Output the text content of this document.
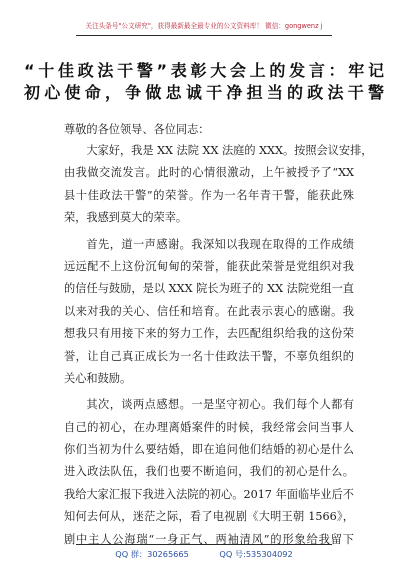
关注头条号"公文研究"，获得最新最全最专业的公文资料库！ 微信：gongwenz j
“十佳政法干警”表彰大会上的发言：牢记
初心使命，争做忠诚干净担当的政法干警
尊敬的各位领导、各位同志：

大家好，我是 XX 法院 XX 法庭的 XXX。按照会议安排，
由我做交流发言。此时的心情很激动，上午被授予了“XX
县十佳政法干警”的荣誉。作为一名年青干警，能获此殊
荣，我感到莫大的荣幸。

首先，道一声感谢。我深知以我现在取得的工作成绩
远远配不上这份沉甸甸的荣誉，能获此荣誉是党组织对我
的信任与鼓励，是以 XXX 院长为班子的 XX 法院党组一直
以来对我的关心、信任和培育。在此表示衷心的感谢。我
想我只有用接下来的努力工作，去匹配组织给我的这份荣
誉，让自己真正成长为一名十佳政法干警，不辜负组织的
关心和鼓励。

其次，谈两点感想。一是坚守初心。我们每个人都有
自己的初心，在办理离婚案件的时候，我经常会问当事人
你们当初为什么要结婚，即在追问他们结婚的初心是什么
进入政法队伍，我们也要不断追问，我们的初心是什么。
我给大家汇报下我进入法院的初心。2017 年面临毕业后不
知何去何从，迷茫之际，看了电视剧《大明王朝 1566》，
剧中主人公海瑞“一身正气、两袖清风”的形象给我留下

QQ 群：30265665	QQ 号:535304092
